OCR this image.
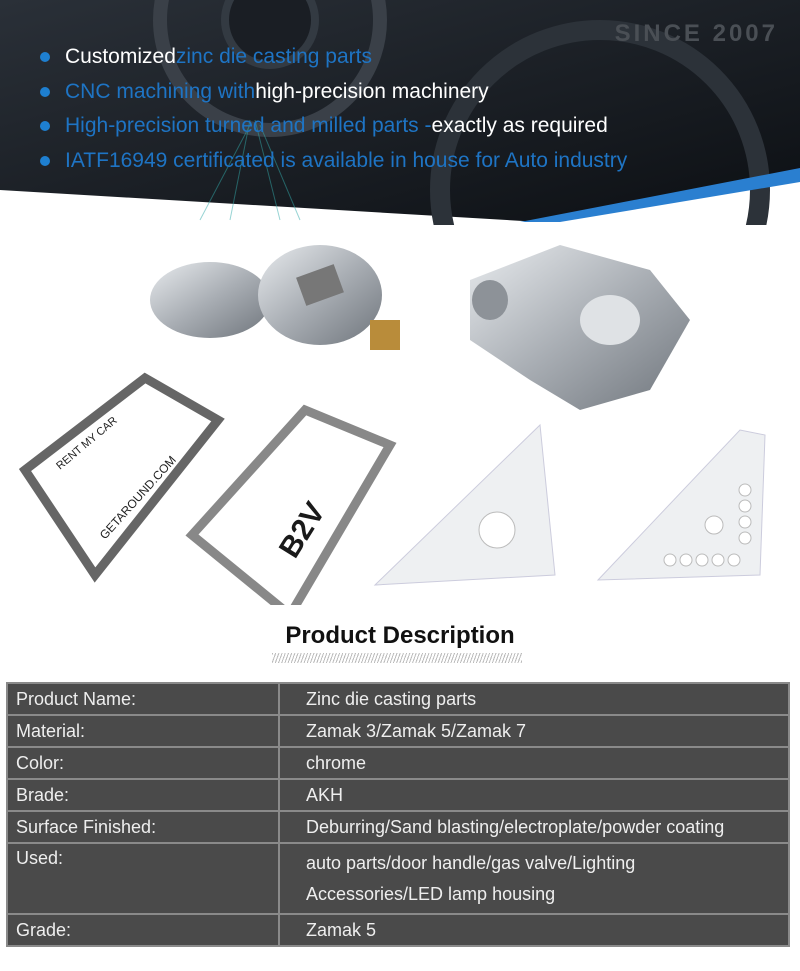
SINCE 2007
Customized zinc die casting parts
CNC machining with high-precision machinery
High-precision turned and milled parts - exactly as required
IATF16949 certificated is available in house for Auto industry
RENT MY CAR
GETAROUND.COM	B2V
Product Description
Product Name:	Zinc die casting parts
Material:	Zamak 3/Zamak 5/Zamak 7
Color:	chrome
Brade:	AKH
Surface Finished:	Deburring/Sand blasting/electroplate/powder coating
Used:	auto parts/door handle/gas valve/Lighting
Accessories/LED lamp housing

Grade:	Zamak 5
